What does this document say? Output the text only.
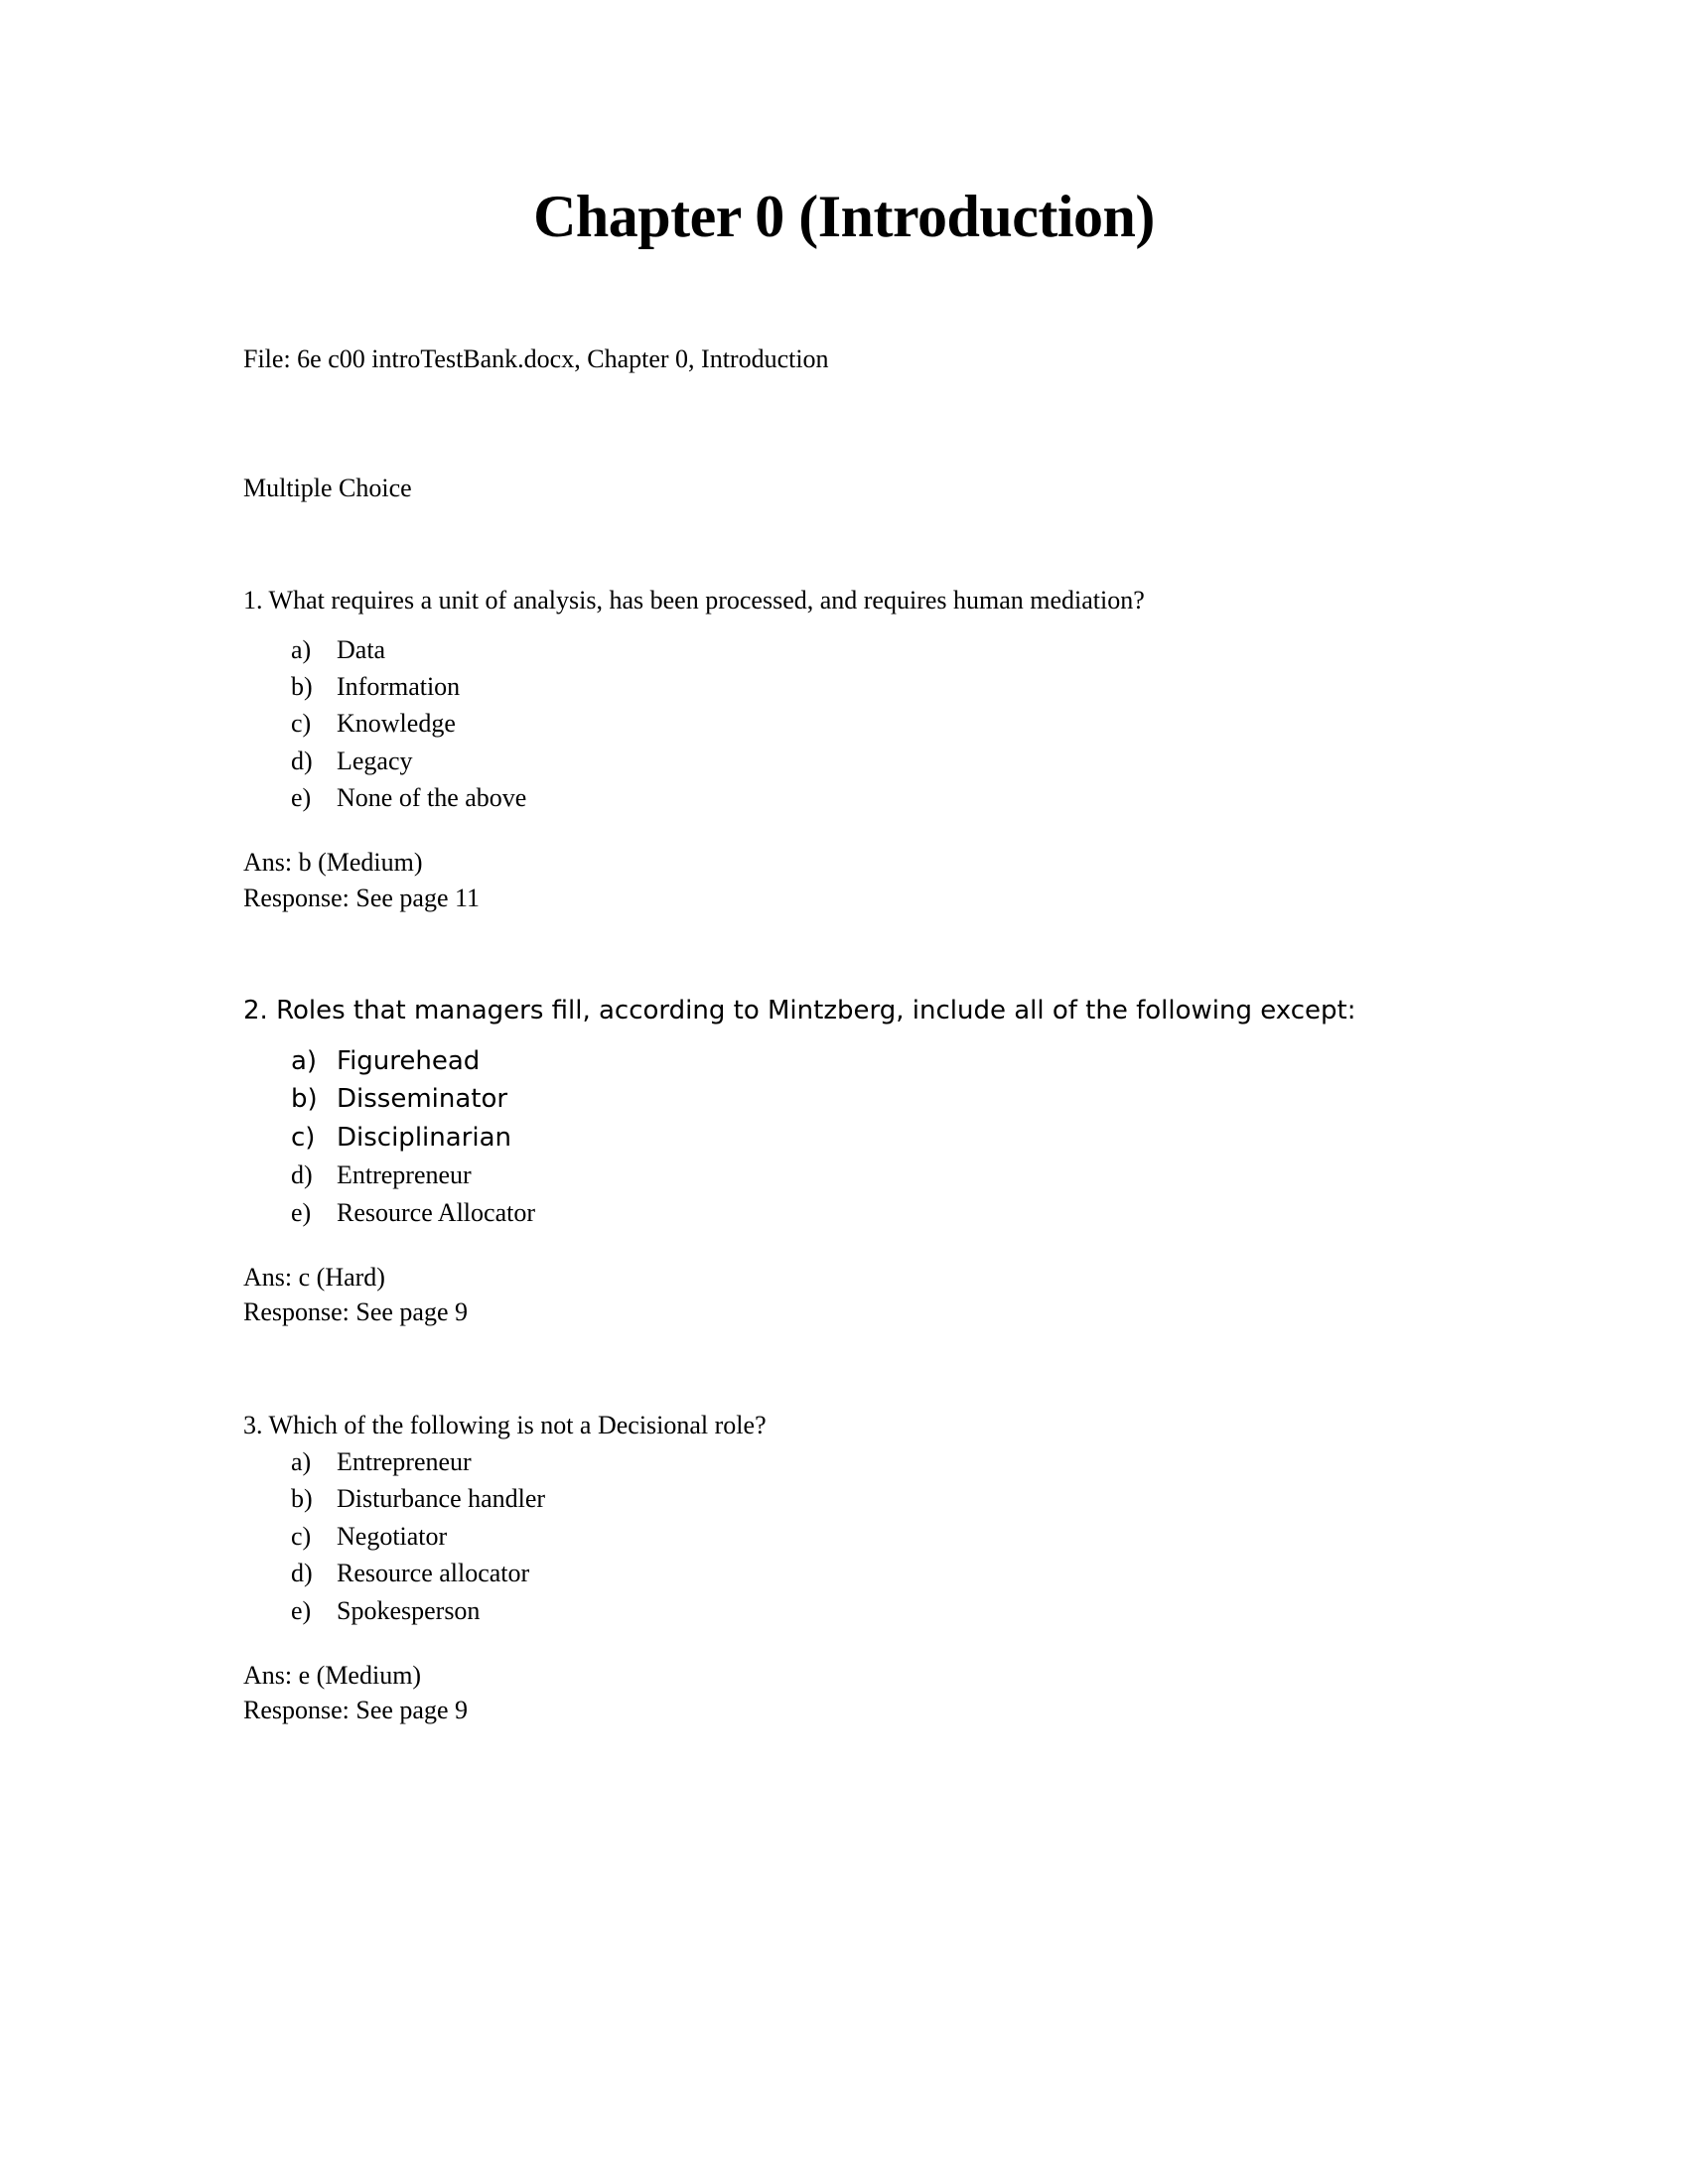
Chapter 0 (Introduction)

File: 6e c00 introTestBank.docx, Chapter 0, Introduction

Multiple Choice

1. What requires a unit of analysis, has been processed, and requires human mediation?

a) Data
b) Information
c) Knowledge
d) Legacy
e) None of the above
Ans: b (Medium)
Response: See page 11

2. Roles that managers fill, according to Mintzberg, include all of the following except:

a) Figurehead
b) Disseminator
c) Disciplinarian
d) Entrepreneur
e) Resource Allocator
Ans: c (Hard)
Response: See page 9

3. Which of the following is not a Decisional role?

a) Entrepreneur
b) Disturbance handler
c) Negotiator
d) Resource allocator
e) Spokesperson
Ans: e (Medium)
Response: See page 9
